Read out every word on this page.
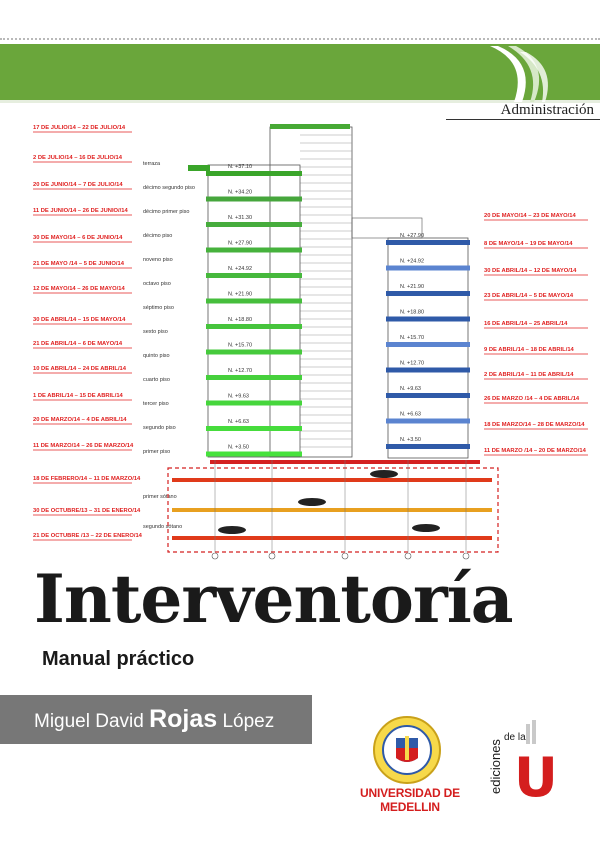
Administración
N. +37.10
N. +34.20
N. +31.30
N. +27.90
N. +24.92
N. +21.90
N. +18.80
N. +15.70
N. +12.70
N. +9.63
N. +6.63
N. +3.50
N. +27.90
N. +24.92
N. +21.90
N. +18.80
N. +15.70
N. +12.70
N. +9.63
N. +6.63
N. +3.50
terraza
décimo segundo piso
décimo primer piso
décimo piso
noveno piso
octavo piso
séptimo piso
sexto piso
quinto piso
cuarto piso
tercer piso
segundo piso
primer piso
primer sótano
segundo sótano
17 DE JULIO/14 – 22 DE JULIO/14
2 DE JULIO/14 – 16 DE JULIO/14
20 DE JUNIO/14 – 7 DE JULIO/14
11 DE JUNIO/14 – 26 DE JUNIO//14
30 DE MAYO/14 – 6 DE JUNIO/14
21 DE MAYO /14 – 5 DE JUNIO/14
12 DE MAYO/14 – 26 DE MAYO/14
30 DE ABRIL/14 – 15 DE MAYO/14
21 DE ABRIL/14 – 6 DE MAYO/14
10 DE ABRIL/14 – 24 DE ABRIL/14
1 DE ABRIL/14 – 15 DE ABRIL/14
20 DE MARZO/14 – 4 DE ABRIL/14
11 DE MARZO/14 – 26 DE MARZO/14
18 DE FEBRERO/14 – 11 DE MARZO/14
30 DE OCTUBRE/13 – 31 DE ENERO/14
21 DE OCTUBRE /13 – 22 DE ENERO/14
20 DE MAYO/14 – 23 DE MAYO/14
8 DE MAYO/14 – 19 DE MAYO/14
30 DE ABRIL/14 – 12 DE MAYO/14
23 DE ABRIL/14 – 5 DE MAYO/14
16 DE ABRIL/14 – 25 ABRIL/14
9 DE ABRIL/14 – 18 DE ABRIL/14
2 DE ABRIL/14 – 11 DE ABRIL/14
26 DE MARZO /14 – 4 DE ABRIL/14
18 DE MARZO/14 – 28 DE MARZO/14
11 DE MARZO /14 – 20 DE MARZO/14
Interventoría
Manual práctico
Miguel David Rojas López
UNIVERSIDAD DE MEDELLIN
ediciones
de la
U
